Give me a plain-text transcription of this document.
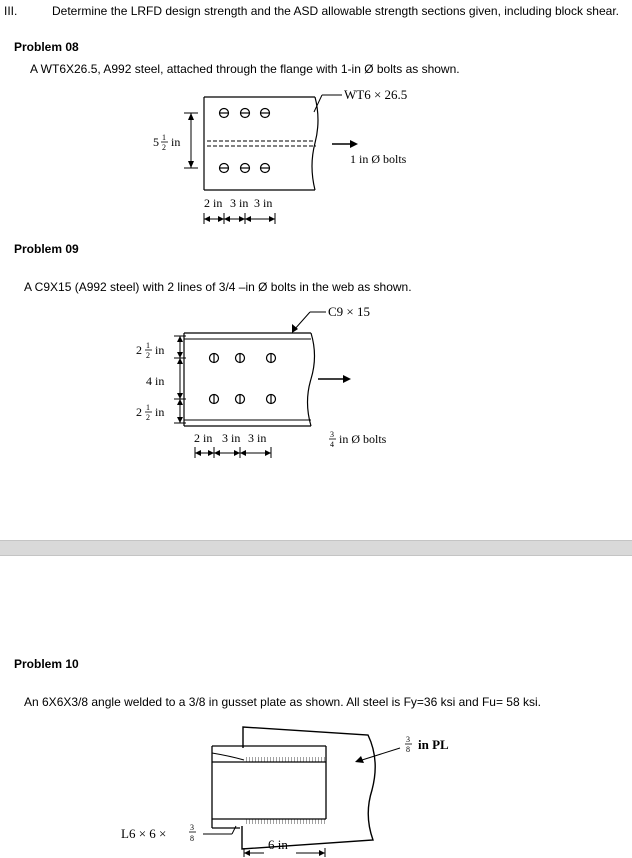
III.	Determine the LRFD design strength and the ASD allowable strength sections given, including block shear.
Problem 08
A WT6X26.5, A992 steel, attached through the flange with 1-in Ø bolts as shown.
WT6 × 26.5
1 in Ø bolts
5 1
2 in
2 in 3 in 3 in
Problem 09
A C9X15 (A992 steel) with 2 lines of 3/4 –in Ø bolts in the web as shown.
C9 × 15
3
4 in Ø bolts
2 1
2 in
4 in
2 1
2 in
2 in 3 in 3 in
Problem 10
An 6X6X3/8 angle welded to a 3/8 in gusset plate as shown. All steel is Fy=36 ksi and Fu= 58 ksi.
3
8 in PL
L6 × 6 ×	3
8	6 in
